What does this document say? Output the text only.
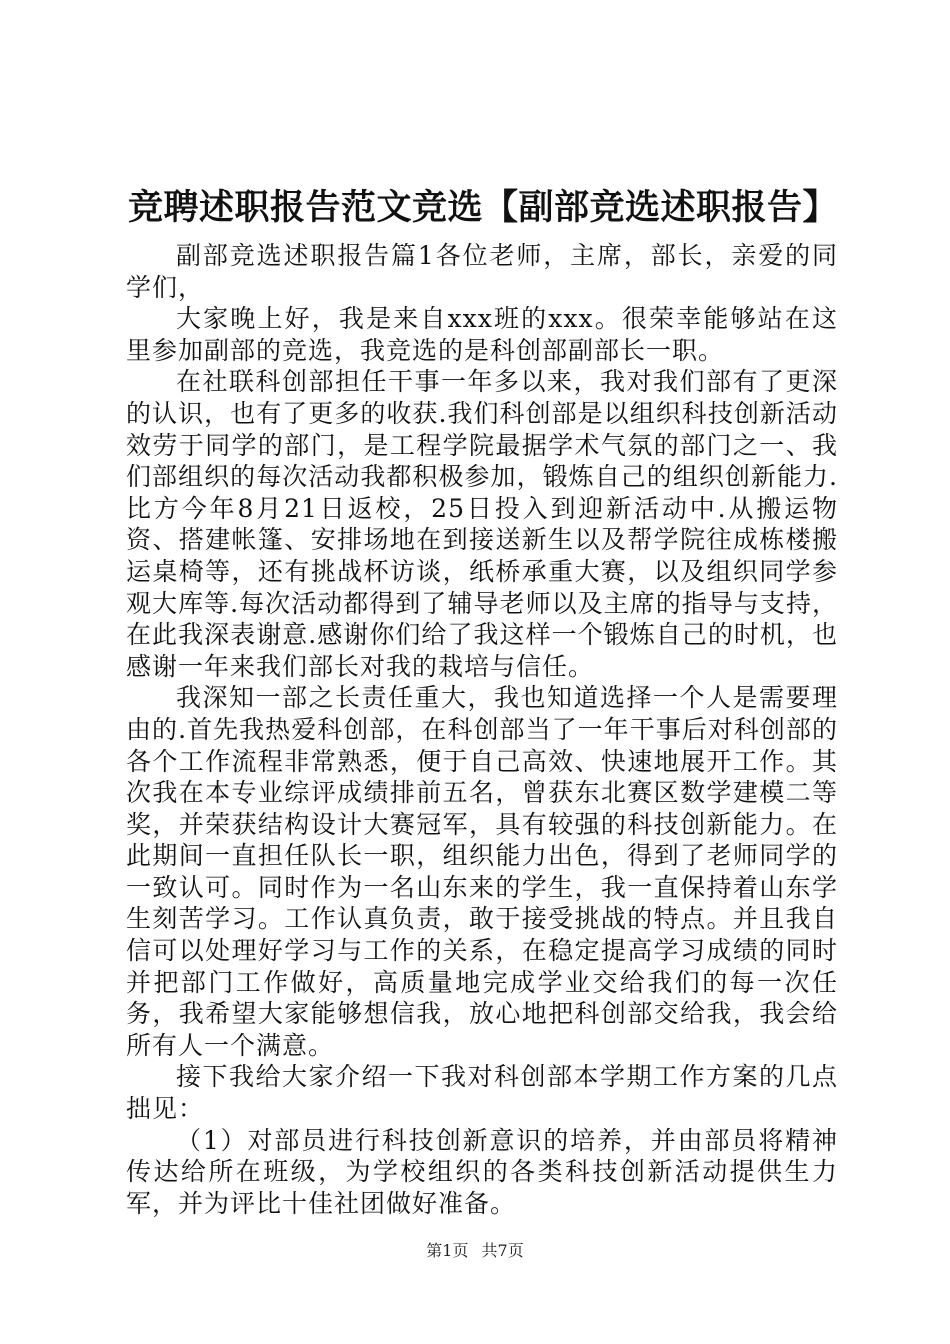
竞聘述职报告范文竞选【副部竞选述职报告】

副部竞选述职报告篇1各位老师，主席，部长，亲爱的同学们，

大家晚上好，我是来自xxx班的xxx。很荣幸能够站在这里参加副部的竞选，我竞选的是科创部副部长一职。

在社联科创部担任干事一年多以来，我对我们部有了更深的认识，也有了更多的收获.我们科创部是以组织科技创新活动效劳于同学的部门，是工程学院最据学术气氛的部门之一、我们部组织的每次活动我都积极参加，锻炼自己的组织创新能力.比方今年8月21日返校，25日投入到迎新活动中.从搬运物资、搭建帐篷、安排场地在到接送新生以及帮学院往成栋楼搬运桌椅等，还有挑战杯访谈，纸桥承重大赛，以及组织同学参观大库等.每次活动都得到了辅导老师以及主席的指导与支持，在此我深表谢意.感谢你们给了我这样一个锻炼自己的时机，也感谢一年来我们部长对我的栽培与信任。

我深知一部之长责任重大，我也知道选择一个人是需要理由的.首先我热爱科创部，在科创部当了一年干事后对科创部的各个工作流程非常熟悉，便于自己高效、快速地展开工作。其次我在本专业综评成绩排前五名，曾获东北赛区数学建模二等奖，并荣获结构设计大赛冠军，具有较强的科技创新能力。在此期间一直担任队长一职，组织能力出色，得到了老师同学的一致认可。同时作为一名山东来的学生，我一直保持着山东学生刻苦学习。工作认真负责，敢于接受挑战的特点。并且我自信可以处理好学习与工作的关系，在稳定提高学习成绩的同时并把部门工作做好，高质量地完成学业交给我们的每一次任务，我希望大家能够想信我，放心地把科创部交给我，我会给所有人一个满意。

接下我给大家介绍一下我对科创部本学期工作方案的几点拙见：

（1）对部员进行科技创新意识的培养，并由部员将精神传达给所在班级，为学校组织的各类科技创新活动提供生力军，并为评比十佳社团做好准备。

第1页 共7页
